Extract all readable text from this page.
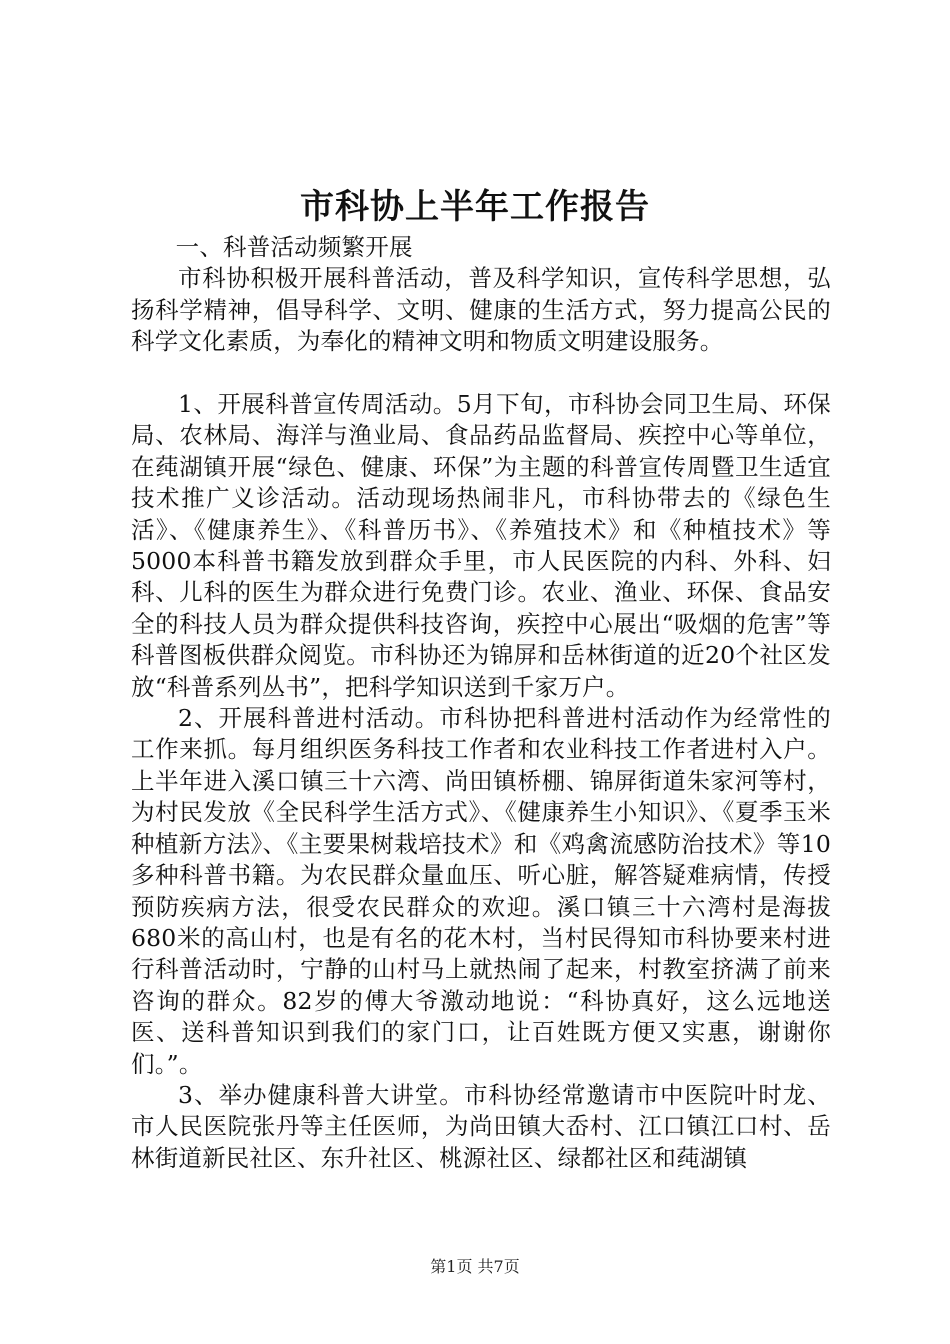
市科协上半年工作报告

一、科普活动频繁开展

市科协积极开展科普活动，普及科学知识，宣传科学思想，弘扬科学精神，倡导科学、文明、健康的生活方式，努力提高公民的科学文化素质，为奉化的精神文明和物质文明建设服务。

1、开展科普宣传周活动。5月下旬，市科协会同卫生局、环保局、农林局、海洋与渔业局、食品药品监督局、疾控中心等单位，在莼湖镇开展“绿色、健康、环保”为主题的科普宣传周暨卫生适宜技术推广义诊活动。活动现场热闹非凡，市科协带去的《绿色生活》、《健康养生》、《科普历书》、《养殖技术》和《种植技术》等5000本科普书籍发放到群众手里，市人民医院的内科、外科、妇科、儿科的医生为群众进行免费门诊。农业、渔业、环保、食品安全的科技人员为群众提供科技咨询，疾控中心展出“吸烟的危害”等科普图板供群众阅览。市科协还为锦屏和岳林街道的近20个社区发放“科普系列丛书”，把科学知识送到千家万户。

2、开展科普进村活动。市科协把科普进村活动作为经常性的工作来抓。每月组织医务科技工作者和农业科技工作者进村入户。上半年进入溪口镇三十六湾、尚田镇桥棚、锦屏街道朱家河等村，为村民发放《全民科学生活方式》、《健康养生小知识》、《夏季玉米种植新方法》、《主要果树栽培技术》和《鸡禽流感防治技术》等10多种科普书籍。为农民群众量血压、听心脏，解答疑难病情，传授预防疾病方法，很受农民群众的欢迎。溪口镇三十六湾村是海拔680米的高山村，也是有名的花木村，当村民得知市科协要来村进行科普活动时，宁静的山村马上就热闹了起来，村教室挤满了前来咨询的群众。82岁的傅大爷激动地说：“科协真好，这么远地送医、送科普知识到我们的家门口，让百姓既方便又实惠，谢谢你们。”。

3、举办健康科普大讲堂。市科协经常邀请市中医院叶时龙、市人民医院张丹等主任医师，为尚田镇大岙村、江口镇江口村、岳林街道新民社区、东升社区、桃源社区、绿都社区和莼湖镇

第1页 共7页
